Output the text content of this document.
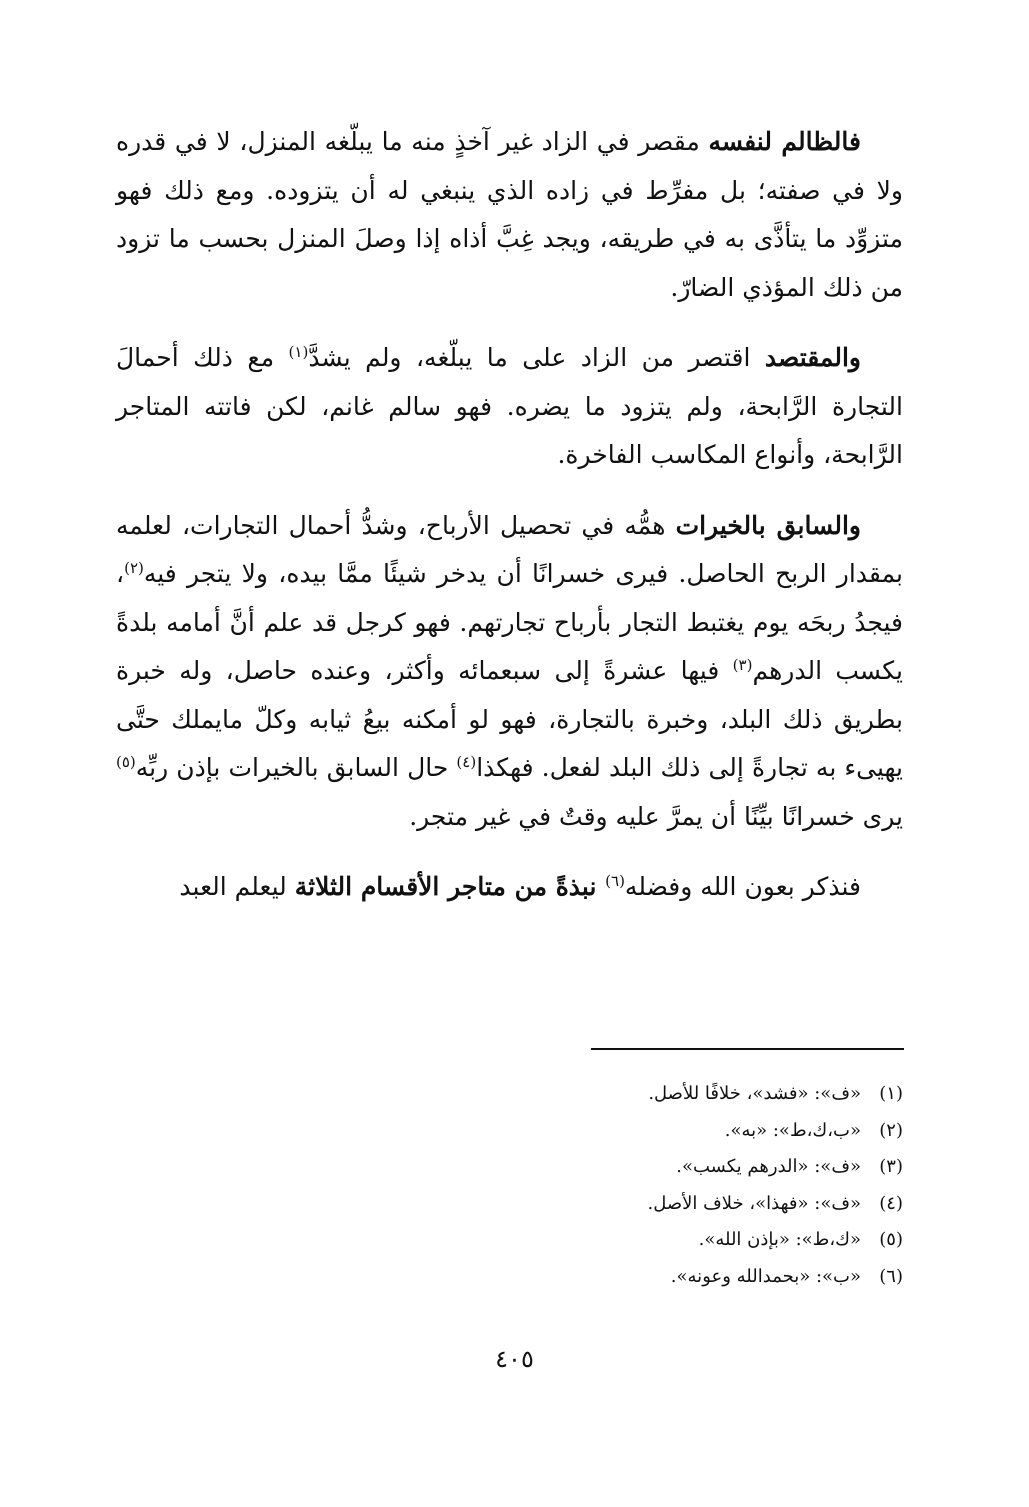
فالظالم لنفسه مقصر في الزاد غير آخذٍ منه ما يبلّغه المنزل، لا في قدره ولا في صفته؛ بل مفرِّط في زاده الذي ينبغي له أن يتزوده. ومع ذلك فهو متزوِّد ما يتأذَّى به في طريقه، ويجد غِبَّ أذاه إذا وصلَ المنزل بحسب ما تزود من ذلك المؤذي الضارّ.

والمقتصد اقتصر من الزاد على ما يبلّغه، ولم يشدَّ$^{(١)}$ مع ذلك أحمالَ التجارة الرَّابحة، ولم يتزود ما يضره. فهو سالم غانم، لكن فاتته المتاجر الرَّابحة، وأنواع المكاسب الفاخرة.

والسابق بالخيرات همُّه في تحصيل الأرباح، وشدُّ أحمال التجارات، لعلمه بمقدار الربح الحاصل. فيرى خسرانًا أن يدخر شيئًا ممَّا بيده، ولا يتجر فيه$^{(٢)}$، فيجدُ ربحَه يوم يغتبط التجار بأرباح تجارتهم. فهو كرجل قد علم أنَّ أمامه بلدةً يكسب الدرهم$^{(٣)}$ فيها عشرةً إلى سبعمائه وأكثر، وعنده حاصل، وله خبرة بطريق ذلك البلد، وخبرة بالتجارة، فهو لو أمكنه بيعُ ثيابه وكلّ مايملك حتَّى يهيىء به تجارةً إلى ذلك البلد لفعل. فهكذا$^{(٤)}$ حال السابق بالخيرات بإذن ربِّه$^{(٥)}$ يرى خسرانًا بيِّنًا أن يمرَّ عليه وقتٌ في غير متجر.

فنذكر بعون الله وفضله$^{(٦)}$ نبذةً من متاجر الأقسام الثلاثة ليعلم العبد

(١)«ف»: «فشد»، خلافًا للأصل.
(٢)«ب،ك،ط»: «به».
(٣)«ف»: «الدرهم يكسب».
(٤)«ف»: «فهذا»، خلاف الأصل.
(٥)«ك،ط»: «بإذن الله».
(٦)«ب»: «بحمدالله وعونه».
٤٠٥
